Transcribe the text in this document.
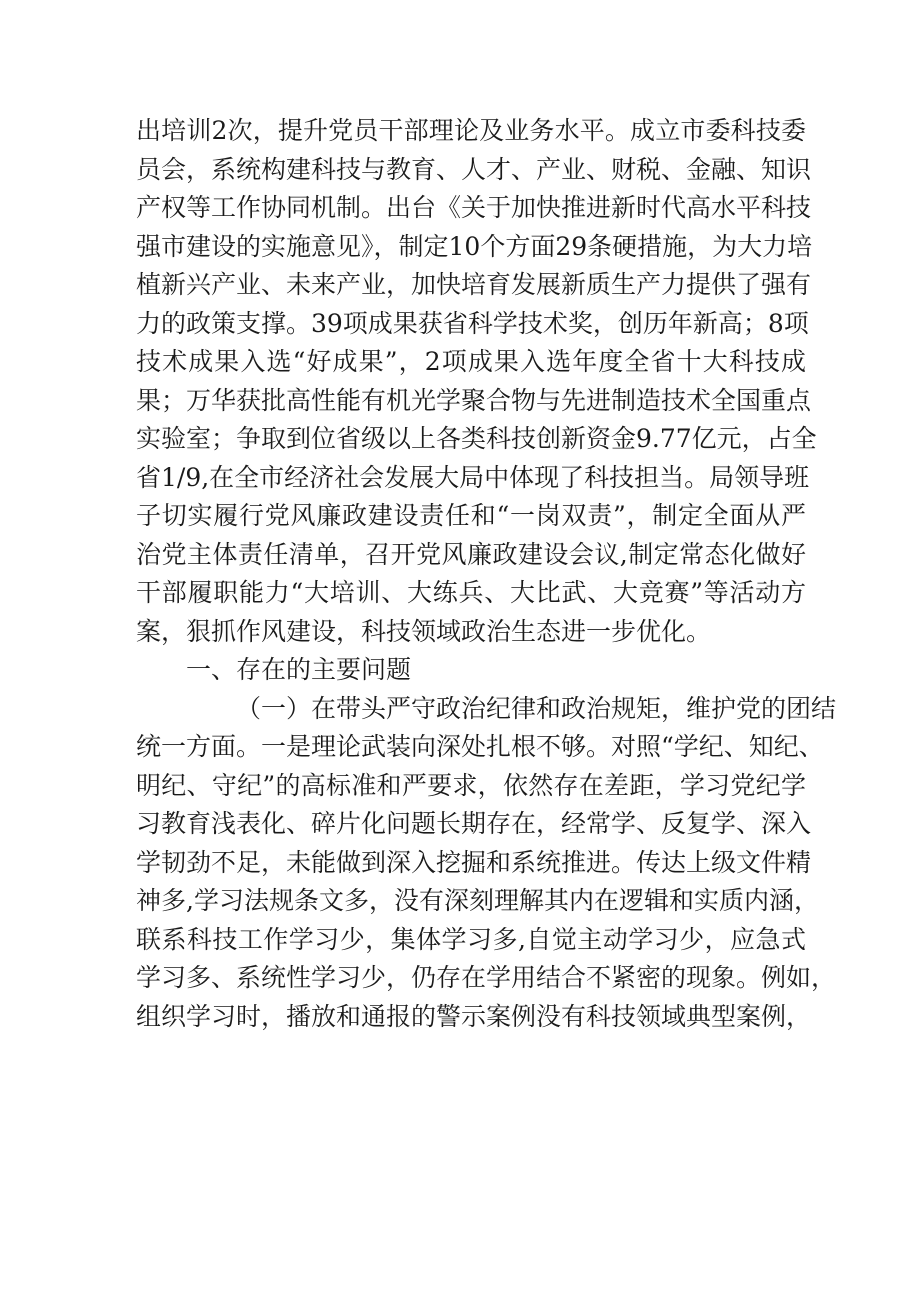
出培训2次，提升党员干部理论及业务水平。成立市委科技委
员会，系统构建科技与教育、人才、产业、财税、金融、知识
产权等工作协同机制。出台《关于加快推进新时代高水平科技
强市建设的实施意见》，制定10个方面29条硬措施，为大力培
植新兴产业、未来产业，加快培育发展新质生产力提供了强有
力的政策支撑。39项成果获省科学技术奖，创历年新高；8项
技术成果入选“好成果”，2项成果入选年度全省十大科技成
果；万华获批高性能有机光学聚合物与先进制造技术全国重点
实验室；争取到位省级以上各类科技创新资金9.77亿元，占全
省1/9,在全市经济社会发展大局中体现了科技担当。局领导班
子切实履行党风廉政建设责任和“一岗双责”，制定全面从严
治党主体责任清单，召开党风廉政建设会议,制定常态化做好
干部履职能力“大培训、大练兵、大比武、大竞赛”等活动方
案，狠抓作风建设，科技领域政治生态进一步优化。
一、存在的主要问题
（一）在带头严守政治纪律和政治规矩，维护党的团结
统一方面。一是理论武装向深处扎根不够。对照“学纪、知纪、
明纪、守纪”的高标准和严要求，依然存在差距，学习党纪学
习教育浅表化、碎片化问题长期存在，经常学、反复学、深入
学韧劲不足，未能做到深入挖掘和系统推进。传达上级文件精
神多,学习法规条文多，没有深刻理解其内在逻辑和实质内涵，
联系科技工作学习少，集体学习多,自觉主动学习少，应急式
学习多、系统性学习少，仍存在学用结合不紧密的现象。例如，
组织学习时，播放和通报的警示案例没有科技领域典型案例，
